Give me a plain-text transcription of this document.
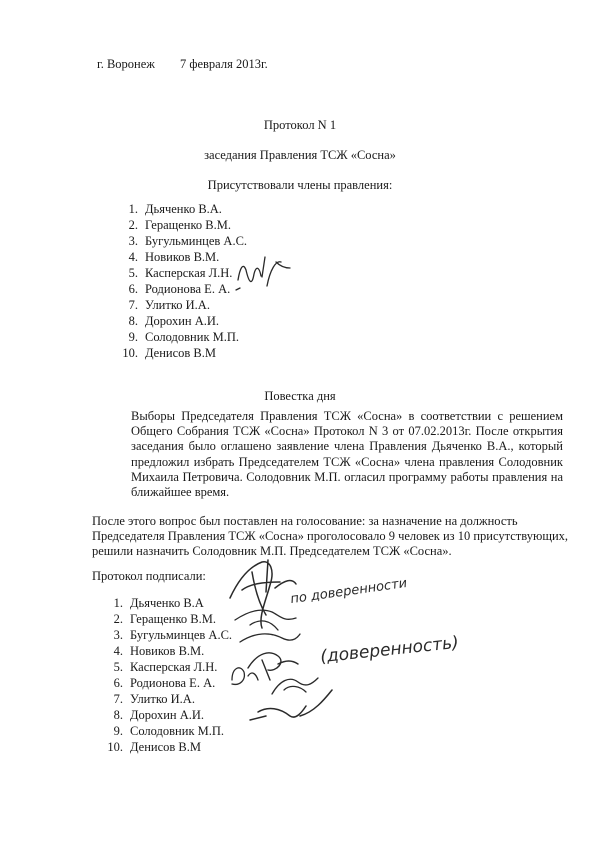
г. Воронеж 7 февраля 2013г.
Протокол N 1
заседания Правления ТСЖ «Сосна»
Присутствовали члены правления:
1. Дьяченко В.А.
2. Геращенко В.М.
3. Бугульминцев А.С.
4. Новиков В.М.
5. Касперская Л.Н.
6. Родионова Е. А.
7. Улитко И.А.
8. Дорохин А.И.
9. Солодовник М.П.
10. Денисов В.М
Повестка дня
Выборы Председателя Правления ТСЖ «Сосна» в соответствии с решением Общего Собрания ТСЖ «Сосна» Протокол N 3 от 07.02.2013г. После открытия заседания было оглашено заявление члена Правления Дьяченко В.А., который предложил избрать Председателем ТСЖ «Сосна» члена правления Солодовник Михаила Петровича. Солодовник М.П. огласил программу работы правления на ближайшее время.
После этого вопрос был поставлен на голосование: за назначение на должность Председателя Правления ТСЖ «Сосна» проголосовало 9 человек из 10 присутствующих, решили назначить Солодовник М.П. Председателем ТСЖ «Сосна».
Протокол подписали:
1. Дьяченко В.А
2. Геращенко В.М.
3. Бугульминцев А.С.
4. Новиков В.М.
5. Касперская Л.Н.
6. Родионова Е. А.
7. Улитко И.А.
8. Дорохин А.И.
9. Солодовник М.П.
10. Денисов В.М
по доверенности
(доверенность)
